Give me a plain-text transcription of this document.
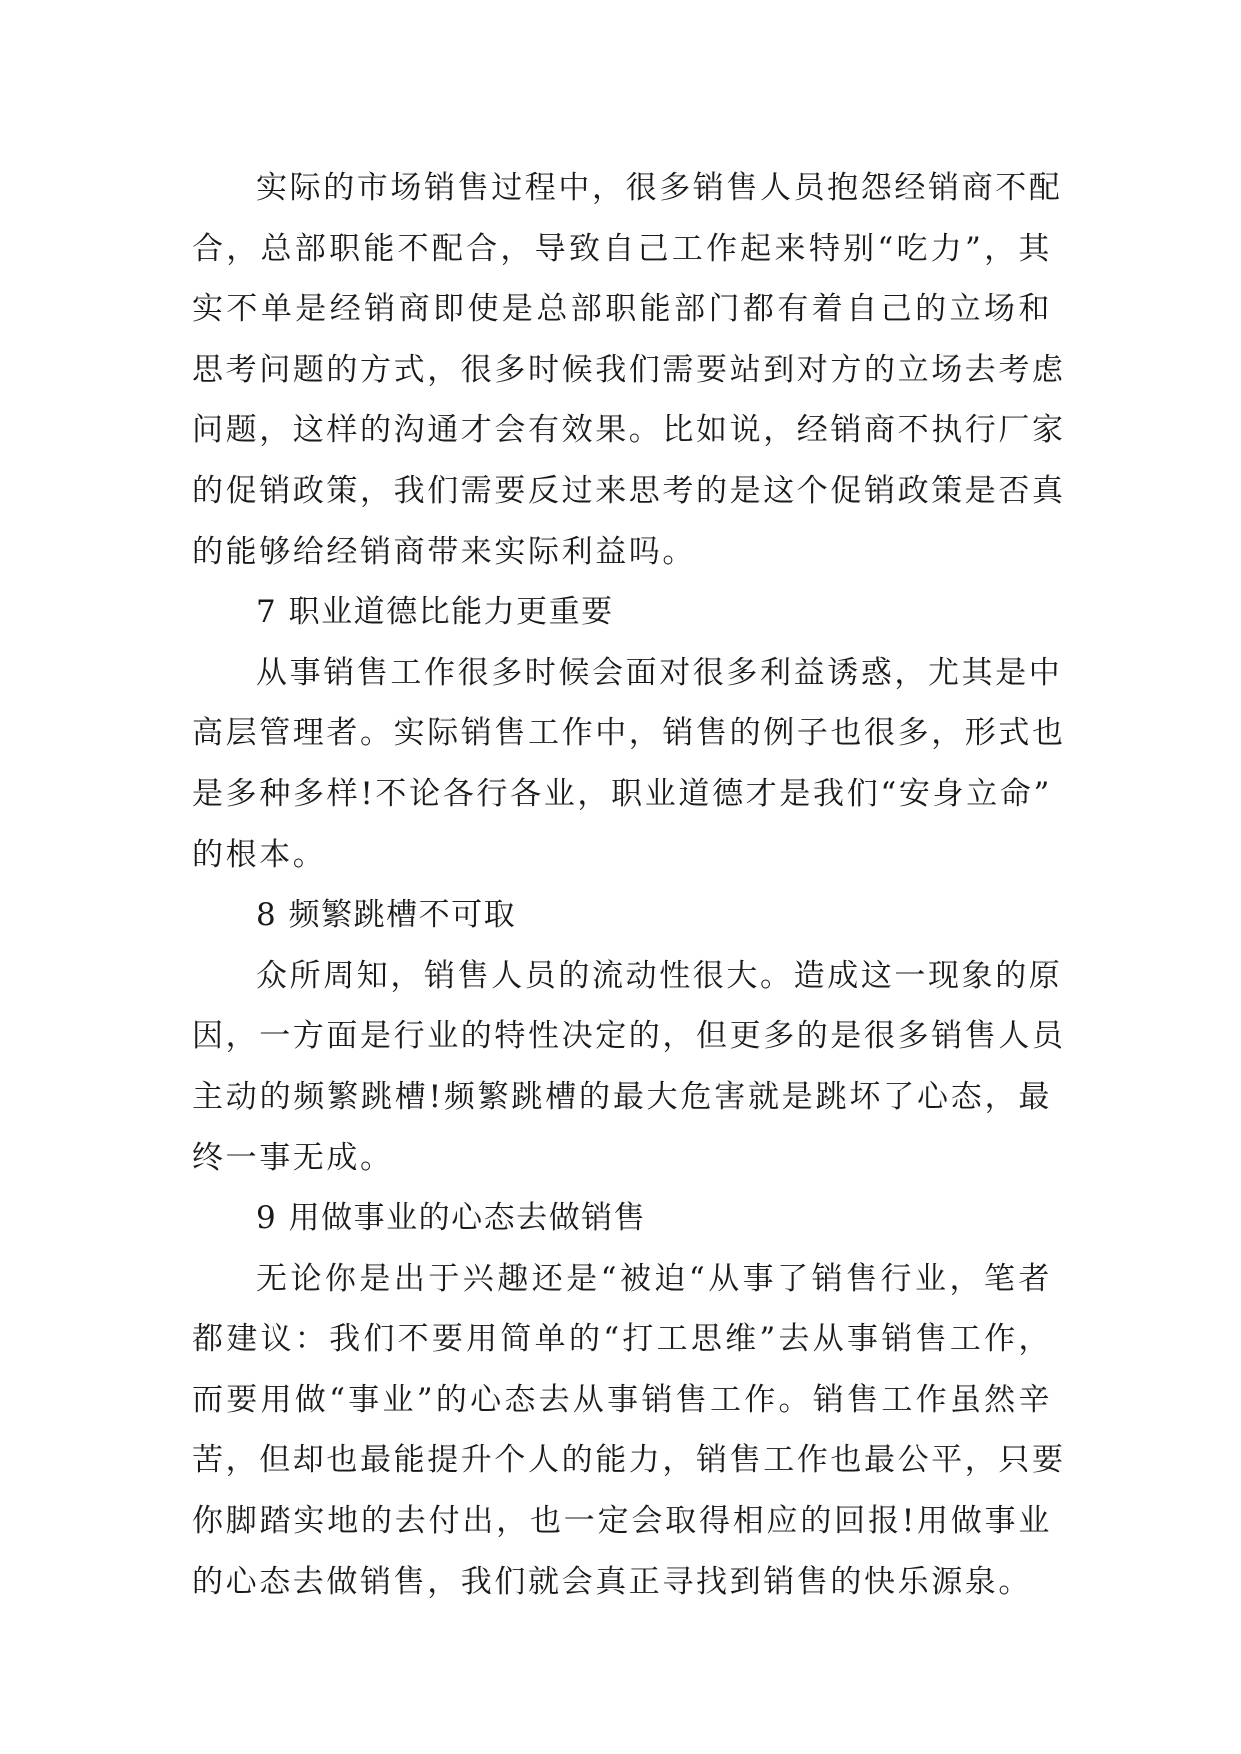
实际的市场销售过程中，很多销售人员抱怨经销商不配
合，总部职能不配合，导致自己工作起来特别“吃力”，其
实不单是经销商即使是总部职能部门都有着自己的立场和
思考问题的方式，很多时候我们需要站到对方的立场去考虑
问题，这样的沟通才会有效果。比如说，经销商不执行厂家
的促销政策，我们需要反过来思考的是这个促销政策是否真
的能够给经销商带来实际利益吗。
7 职业道德比能力更重要
从事销售工作很多时候会面对很多利益诱惑，尤其是中
高层管理者。实际销售工作中，销售的例子也很多，形式也
是多种多样!不论各行各业，职业道德才是我们“安身立命”
的根本。
8 频繁跳槽不可取
众所周知，销售人员的流动性很大。造成这一现象的原
因，一方面是行业的特性决定的，但更多的是很多销售人员
主动的频繁跳槽!频繁跳槽的最大危害就是跳坏了心态，最
终一事无成。
9 用做事业的心态去做销售
无论你是出于兴趣还是“被迫“从事了销售行业，笔者
都建议：我们不要用简单的“打工思维”去从事销售工作，
而要用做“事业”的心态去从事销售工作。销售工作虽然辛
苦，但却也最能提升个人的能力，销售工作也最公平，只要
你脚踏实地的去付出，也一定会取得相应的回报!用做事业
的心态去做销售，我们就会真正寻找到销售的快乐源泉。
